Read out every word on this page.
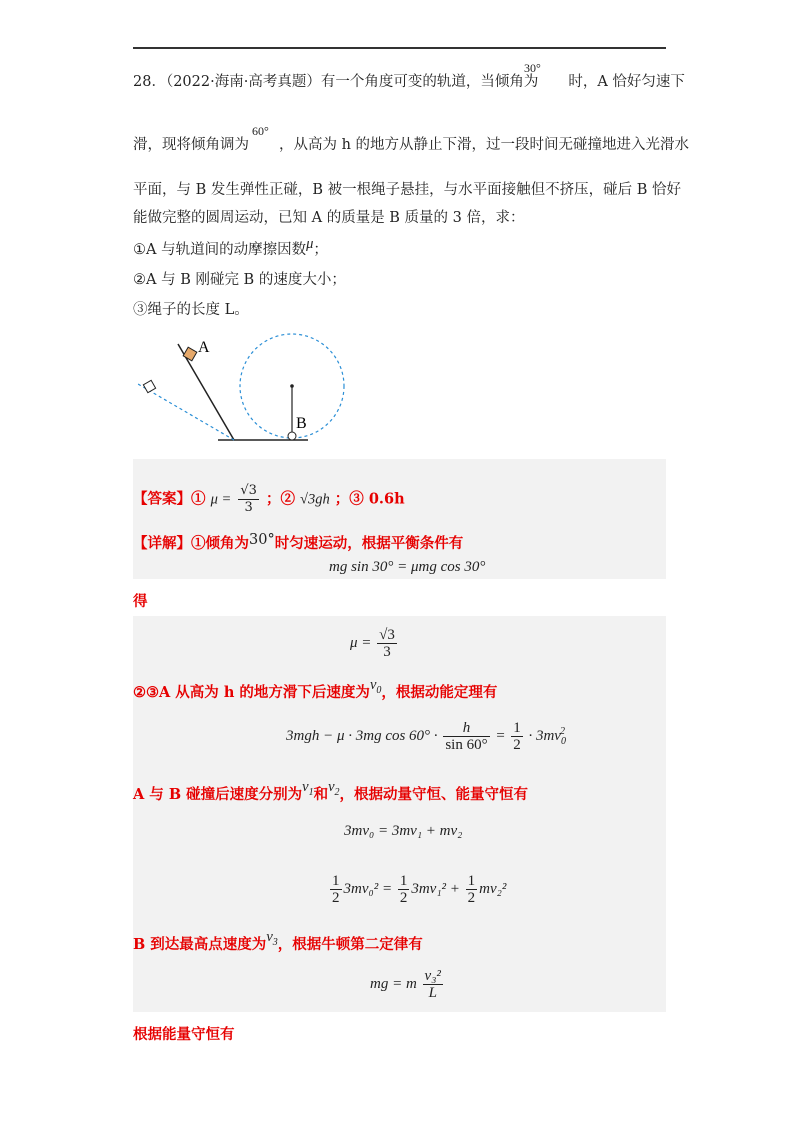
28．（2022·海南·高考真题）有一个角度可变的轨道，当倾角为 时，A 恰好匀速下
30°
滑，现将倾角调为 ，从高为 h 的地方从静止下滑，过一段时间无碰撞地进入光滑水
60°
平面，与 B 发生弹性正碰，B 被一根绳子悬挂，与水平面接触但不挤压，碰后 B 恰好
能做完整的圆周运动，已知 A 的质量是 B 质量的 3 倍，求：
①A 与轨道间的动摩擦因数μ；
②A 与 B 刚碰完 B 的速度大小；
③绳子的长度 L。
A
B
【答案】① $\mu = \frac{√3}{3}$ ；② √3gh ；③ 0.6h
【详解】①倾角为30°时匀速运动，根据平衡条件有
mg sin 30° = μmg cos 30°
得
$\mu = \frac{√3}{3}$
②③A 从高为 h 的地方滑下后速度为$v_0$，根据动能定理有
3mgh − μ · 3mg $\cos 60^\circ \cdot \frac{h}{\sin 60^\circ} = \frac{1}{2} \cdot 3mv_0^2$
A 与 B 碰撞后速度分别为$v_1$和$v_2$，根据动量守恒、能量守恒有
3mv₀ = 3mv₁ + mv₂
$\frac{1}{2} 3mv_0^2 = \frac{1}{2} 3mv_1^2 + \frac{1}{2} mv_2^2$
B 到达最高点速度为$v_3$，根据牛顿第二定律有
mg = m $\frac{\text{v₃²}}{L}$
根据能量守恒有
